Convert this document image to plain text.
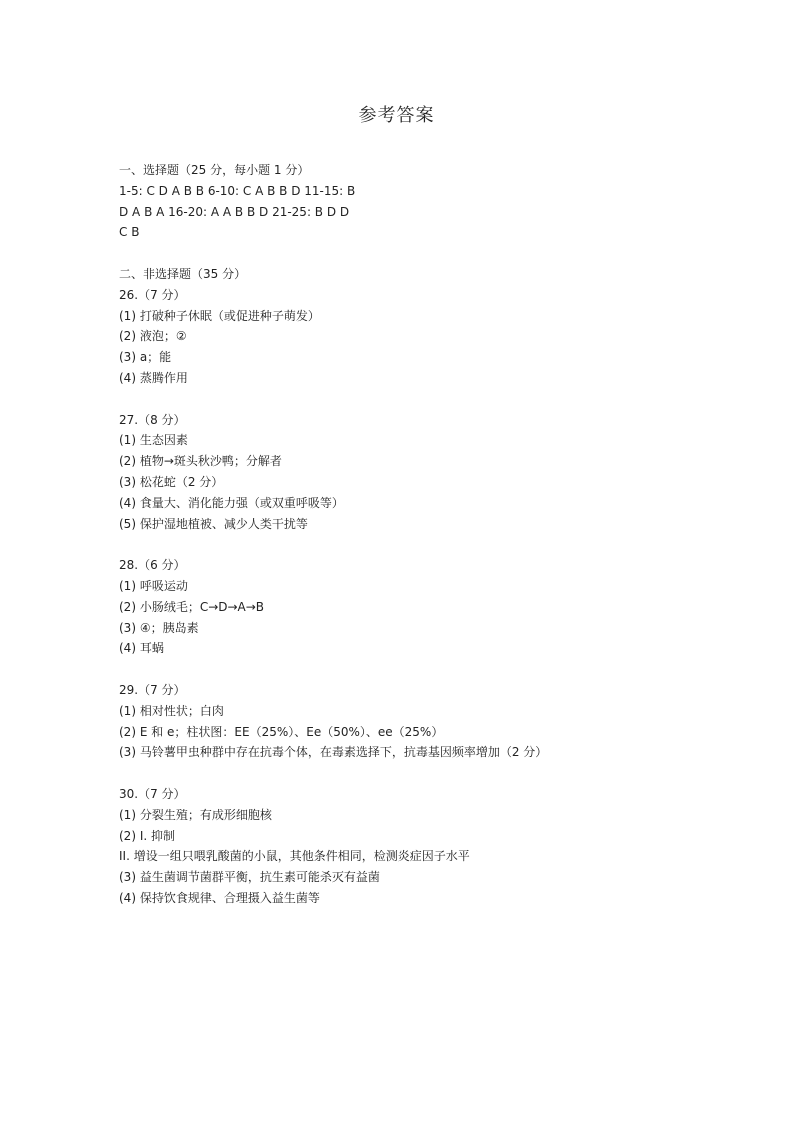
参考答案
一、选择题（25 分，每小题 1 分）
1-5: C D A B B 6-10: C A B B D 11-15: B
D A B A 16-20: A A B B D 21-25: B D D
C B
二、非选择题（35 分）
26.（7 分）
(1) 打破种子休眠（或促进种子萌发）
(2) 液泡；②
(3) a；能
(4) 蒸腾作用
27.（8 分）
(1) 生态因素
(2) 植物→斑头秋沙鸭；分解者
(3) 松花蛇（2 分）
(4) 食量大、消化能力强（或双重呼吸等）
(5) 保护湿地植被、减少人类干扰等
28.（6 分）
(1) 呼吸运动
(2) 小肠绒毛；C→D→A→B
(3) ④；胰岛素
(4) 耳蜗
29.（7 分）
(1) 相对性状；白肉
(2) E 和 e；柱状图：EE（25%）、Ee（50%）、ee（25%）
(3) 马铃薯甲虫种群中存在抗毒个体，在毒素选择下，抗毒基因频率增加（2 分）
30.（7 分）
(1) 分裂生殖；有成形细胞核
(2) I. 抑制
II. 增设一组只喂乳酸菌的小鼠，其他条件相同，检测炎症因子水平
(3) 益生菌调节菌群平衡，抗生素可能杀灭有益菌
(4) 保持饮食规律、合理摄入益生菌等
